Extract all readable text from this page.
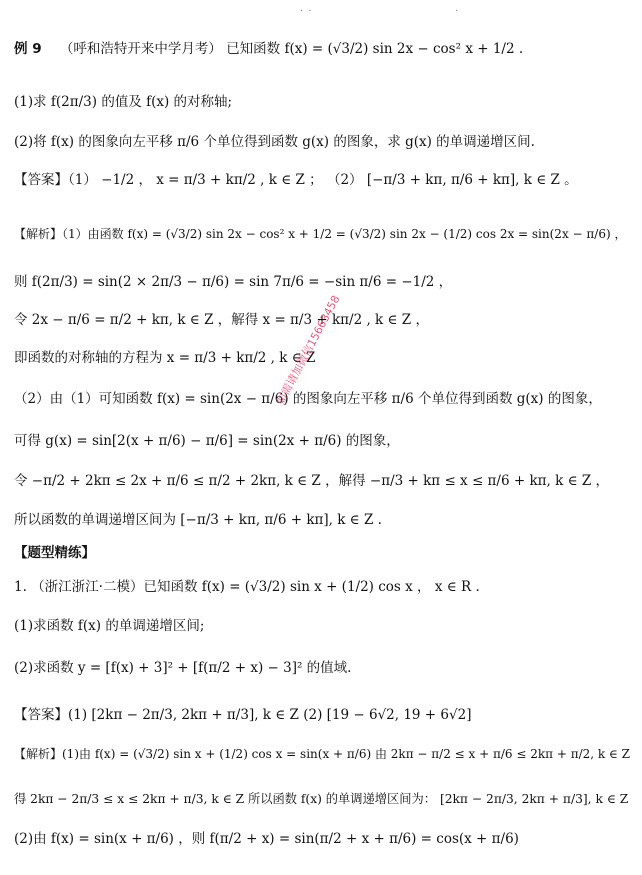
· ·	·
例 9 （呼和浩特开来中学月考） 已知函数 f(x) = (√3/2) sin 2x − cos² x + 1/2 .
(1)求 f(2π/3) 的值及 f(x) 的对称轴;
(2)将 f(x) 的图象向左平移 π/6 个单位得到函数 g(x) 的图象，求 g(x) 的单调递增区间.
【答案】（1） −1/2 ， x = π/3 + kπ/2 , k ∈ Z ； （2） [−π/3 + kπ, π/6 + kπ], k ∈ Z 。
【解析】（1）由函数 f(x) = (√3/2) sin 2x − cos² x + 1/2 = (√3/2) sin 2x − (1/2) cos 2x = sin(2x − π/6) ，
则 f(2π/3) = sin(2 × 2π/3 − π/6) = sin 7π/6 = −sin π/6 = −1/2 ，
令 2x − π/6 = π/2 + kπ, k ∈ Z ，解得 x = π/3 + kπ/2 , k ∈ Z ，
即函数的对称轴的方程为 x = π/3 + kπ/2 , k ∈ Z
（2）由（1）可知函数 f(x) = sin(2x − π/6) 的图象向左平移 π/6 个单位得到函数 g(x) 的图象，
可得 g(x) = sin[2(x + π/6) − π/6] = sin(2x + π/6) 的图象，
令 −π/2 + 2kπ ≤ 2x + π/6 ≤ π/2 + 2kπ, k ∈ Z ，解得 −π/3 + kπ ≤ x ≤ π/6 + kπ, k ∈ Z ，
所以函数的单调递增区间为 [−π/3 + kπ, π/6 + kπ], k ∈ Z .
【题型精练】
1. （浙江浙江·二模）已知函数 f(x) = (√3/2) sin x + (1/2) cos x ， x ∈ R .
(1)求函数 f(x) 的单调递增区间;
(2)求函数 y = [f(x) + 3]² + [f(π/2 + x) − 3]² 的值域.
【答案】(1) [2kπ − 2π/3, 2kπ + π/3], k ∈ Z (2) [19 − 6√2, 19 + 6√2]
【解析】(1)由 f(x) = (√3/2) sin x + (1/2) cos x = sin(x + π/6) 由 2kπ − π/2 ≤ x + π/6 ≤ 2kπ + π/2, k ∈ Z
得 2kπ − 2π/3 ≤ x ≤ 2kπ + π/3, k ∈ Z 所以函数 f(x) 的单调递增区间为： [2kπ − 2π/3, 2kπ + π/3], k ∈ Z
(2)由 f(x) = sin(x + π/6) ，则 f(π/2 + x) = sin(π/2 + x + π/6) = cos(x + π/6)
如需请加微信15663458
